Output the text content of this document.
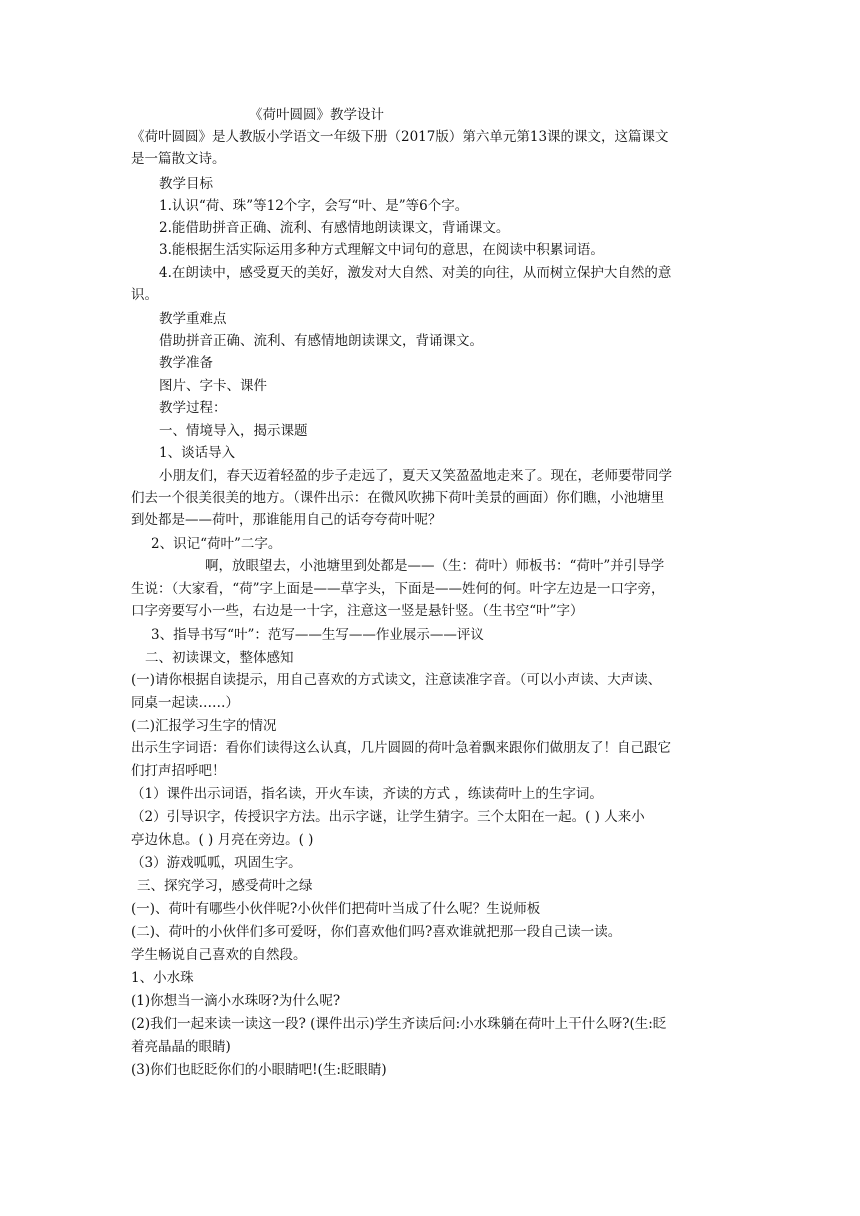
《荷叶圆圆》教学设计
《荷叶圆圆》是人教版小学语文一年级下册（2017版）第六单元第13课的课文，这篇课文
是一篇散文诗。
教学目标
1.认识“荷、珠”等12个字，会写“叶、是”等6个字。
2.能借助拼音正确、流利、有感情地朗读课文，背诵课文。
3.能根据生活实际运用多种方式理解文中词句的意思，在阅读中积累词语。
4.在朗读中，感受夏天的美好，激发对大自然、对美的向往，从而树立保护大自然的意
识。
教学重难点
借助拼音正确、流利、有感情地朗读课文，背诵课文。
教学准备
图片、字卡、课件
教学过程：
一、情境导入，揭示课题
1、谈话导入
小朋友们，春天迈着轻盈的步子走远了，夏天又笑盈盈地走来了。现在，老师要带同学
们去一个很美很美的地方。（课件出示：在微风吹拂下荷叶美景的画面）你们瞧，小池塘里
到处都是——荷叶，那谁能用自己的话夸夸荷叶呢？
2、识记“荷叶”二字。
啊，放眼望去，小池塘里到处都是——（生：荷叶）师板书：“荷叶”并引导学
生说：（大家看，“荷”字上面是——草字头，下面是——姓何的何。叶字左边是一口字旁，
口字旁要写小一些，右边是一十字，注意这一竖是悬针竖。（生书空“叶”字）
3、指导书写“叶”：范写——生写——作业展示——评议
二、初读课文，整体感知
(一)请你根据自读提示，用自己喜欢的方式读文，注意读准字音。（可以小声读、大声读、
同桌一起读……）
(二)汇报学习生字的情况
出示生字词语：看你们读得这么认真，几片圆圆的荷叶急着飘来跟你们做朋友了！自己跟它
们打声招呼吧！
（1）课件出示词语，指名读，开火车读，齐读的方式 ，练读荷叶上的生字词。
（2）引导识字，传授识字方法。出示字谜，让学生猜字。三个太阳在一起。( ) 人来小
亭边休息。( ) 月亮在旁边。( )
（3）游戏呱呱，巩固生字。
三、探究学习，感受荷叶之绿
(一)、荷叶有哪些小伙伴呢?小伙伴们把荷叶当成了什么呢？生说师板
(二)、荷叶的小伙伴们多可爱呀，你们喜欢他们吗?喜欢谁就把那一段自己读一读。
学生畅说自己喜欢的自然段。
1、小水珠
(1)你想当一滴小水珠呀?为什么呢?
(2)我们一起来读一读这一段? (课件出示)学生齐读后问:小水珠躺在荷叶上干什么呀?(生:眨
着亮晶晶的眼睛)
(3)你们也眨眨你们的小眼睛吧!(生:眨眼睛)
